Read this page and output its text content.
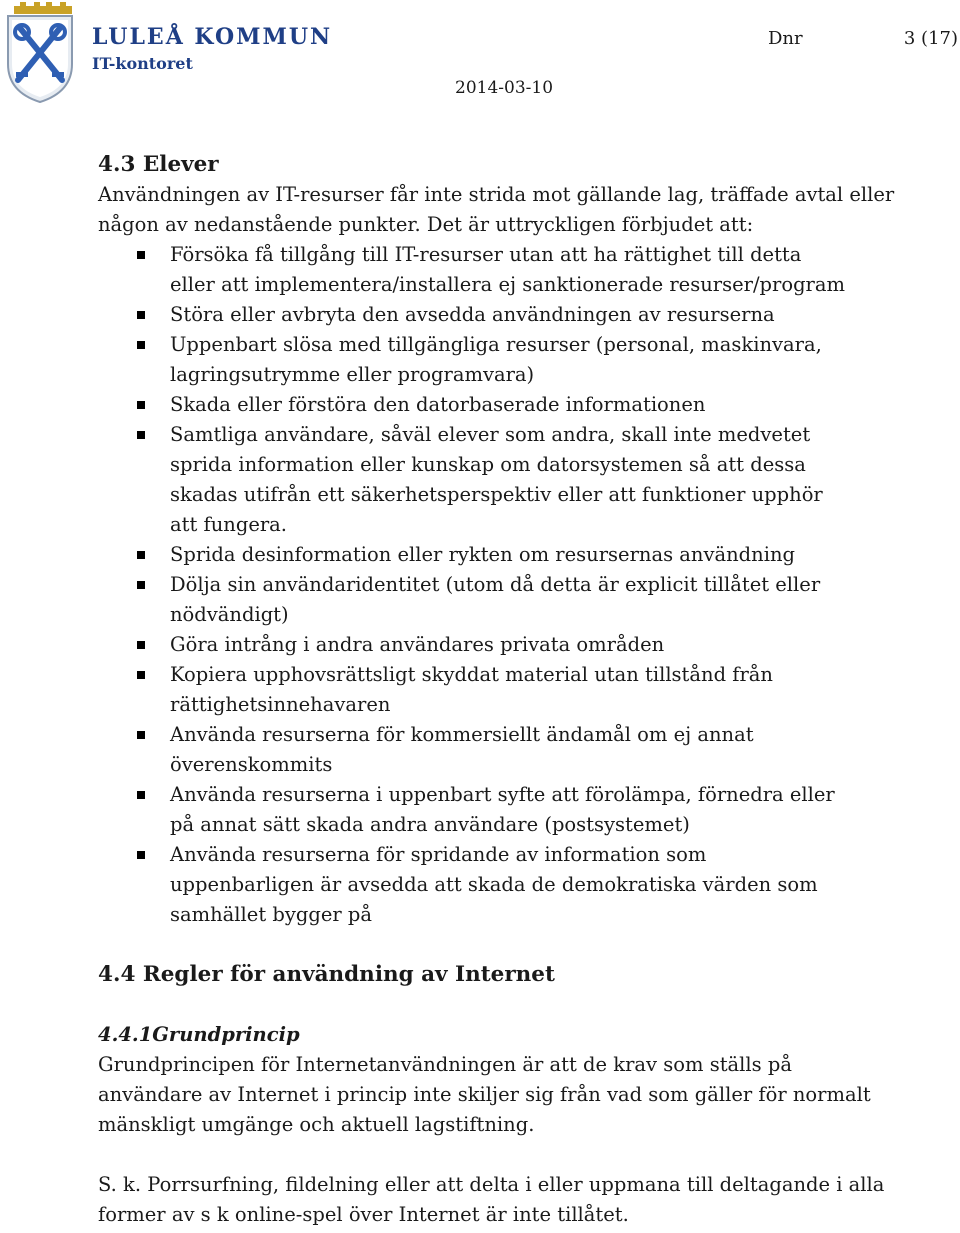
LULEÅ KOMMUN
IT-kontoret
Dnr	3 (17)
2014-03-10
4.3 Elever

Användningen av IT-resurser får inte strida mot gällande lag, träffade avtal eller någon av nedanstående punkter. Det är uttryckligen förbjudet att:

Försöka få tillgång till IT-resurser utan att ha rättighet till detta eller att implementera/installera ej sanktionerade resurser/program
Störa eller avbryta den avsedda användningen av resurserna
Uppenbart slösa med tillgängliga resurser (personal, maskinvara, lagringsutrymme eller programvara)
Skada eller förstöra den datorbaserade informationen
Samtliga användare, såväl elever som andra, skall inte medvetet sprida information eller kunskap om datorsystemen så att dessa skadas utifrån ett säkerhetsperspektiv eller att funktioner upphör att fungera.
Sprida desinformation eller rykten om resursernas användning
Dölja sin användaridentitet (utom då detta är explicit tillåtet eller nödvändigt)
Göra intrång i andra användares privata områden
Kopiera upphovsrättsligt skyddat material utan tillstånd från rättighetsinnehavaren
Använda resurserna för kommersiellt ändamål om ej annat överenskommits
Använda resurserna i uppenbart syfte att förolämpa, förnedra eller på annat sätt skada andra användare (postsystemet)
Använda resurserna för spridande av information som uppenbarligen är avsedda att skada de demokratiska värden som samhället bygger på
4.4 Regler för användning av Internet
4.4.1Grundprincip

Grundprincipen för Internetanvändningen är att de krav som ställs på användare av Internet i princip inte skiljer sig från vad som gäller för normalt mänskligt umgänge och aktuell lagstiftning.

S. k. Porrsurfning, fildelning eller att delta i eller uppmana till deltagande i alla former av s k online-spel över Internet är inte tillåtet.
